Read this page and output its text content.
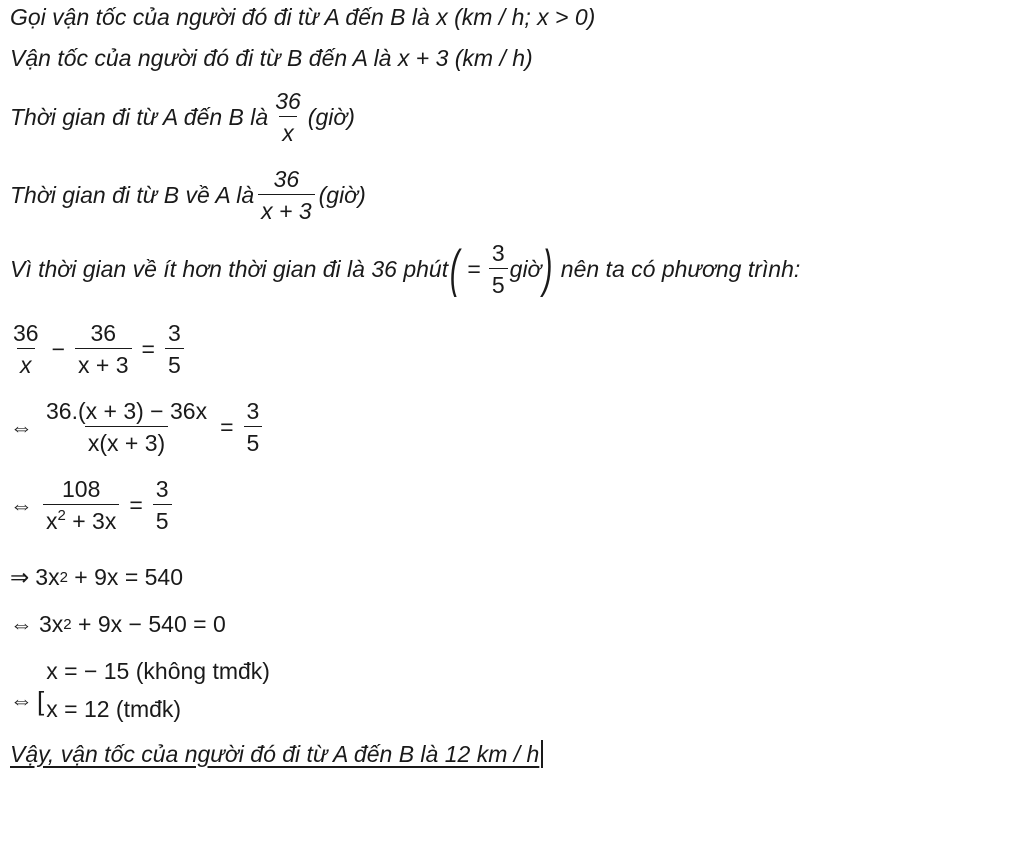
Gọi vận tốc của người đó đi từ A đến B là x (km / h; x > 0)
Vận tốc của người đó đi từ B đến A là x + 3 (km / h)
Thời gian đi từ A đến B là $\frac{36}{x}$ (giờ)
Thời gian đi từ B về A là $\frac{36}{x + 3}$ (giờ)
Vì thời gian về ít hơn thời gian đi là 36 phút ( = $\frac{3}{5}$ giờ ) nên ta có phương trình:
$\frac{36}{x} - \frac{36}{x + 3} = \frac{3}{5}$
⇔ $\frac{36.(x + 3) - 36x}{x(x + 3)} = \frac{3}{5}$
⇔ $\frac{108}{x^2 + 3x} = \frac{3}{5}$
⇒ 3x 2 + 9x = 540
⇔ 3x 2 + 9x − 540 = 0
⇔ [
x = − 15 (không tmđk)
x = 12 (tmđk)
Vậy, vận tốc của người đó đi từ A đến B là 12 km / h
